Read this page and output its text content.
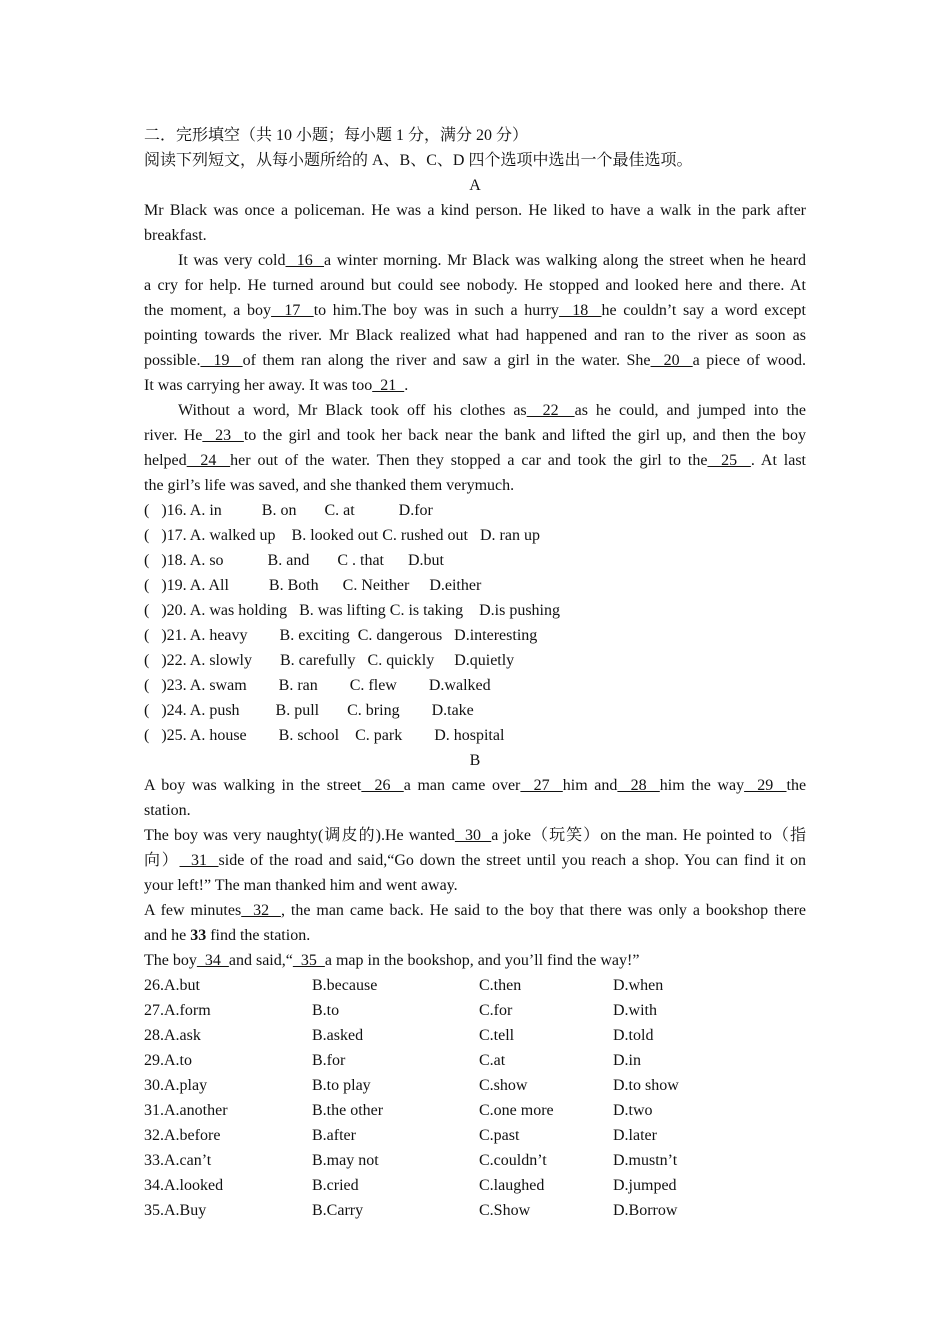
二．完形填空（共 10 小题；每小题 1 分，满分 20 分）
阅读下列短文，从每小题所给的 A、B、C、D 四个选项中选出一个最佳选项。
A
Mr Black was once a policeman. He was a kind person. He liked to have a walk in the park after
breakfast.
It was very cold  16  a winter morning. Mr Black was walking along the street when he heard
a cry for help. He turned around but could see nobody. He stopped and looked here and there. At
the moment, a boy  17  to him.The boy was in such a hurry  18  he couldn’t say a word except
pointing towards the river. Mr Black realized what had happened and ran to the river as soon as
possible.  19  of them ran along the river and saw a girl in the water. She  20  a piece of wood.
It was carrying her away. It was too  21  .
Without a word, Mr Black took off his clothes as  22  as he could, and jumped into the
river. He  23  to the girl and took her back near the bank and lifted the girl up, and then the boy
helped  24  her out of the water. Then they stopped a car and took the girl to the  25  . At last
the girl’s life was saved, and she thanked them verymuch.
(   )16. A. in          B. on       C. at           D.for
(   )17. A. walked up    B. looked out C. rushed out   D. ran up
(   )18. A. so           B. and       C . that      D.but
(   )19. A. All          B. Both      C. Neither     D.either
(   )20. A. was holding   B. was lifting C. is taking    D.is pushing
(   )21. A. heavy        B. exciting  C. dangerous   D.interesting
(   )22. A. slowly       B. carefully   C. quickly     D.quietly
(   )23. A. swam        B. ran        C. flew        D.walked
(   )24. A. push         B. pull       C. bring        D.take
(   )25. A. house        B. school    C. park        D. hospital
B
A boy was walking in the street  26  a man came over  27  him and  28  him the way  29  the
station.
The boy was very naughty(调皮的).He wanted  30  a joke（玩笑）on the man. He pointed to（指
向）  31  side of the road and said,“Go down the street until you reach a shop. You can find it on
your left!” The man thanked him and went away.
A few minutes  32  , the man came back. He said to the boy that there was only a bookshop there
and he 33 find the station.
The boy  34  and said,“  35  a map in the bookshop, and you’ll find the way!”
26.A.but	B.because	C.then	D.when
27.A.form	B.to	C.for	D.with
28.A.ask	B.asked	C.tell	D.told
29.A.to	B.for	C.at	D.in
30.A.play	B.to play	C.show	D.to show
31.A.another	B.the other	C.one more	D.two
32.A.before	B.after	C.past	D.later
33.A.can’t	B.may not	C.couldn’t	D.mustn’t
34.A.looked	B.cried	C.laughed	D.jumped
35.A.Buy	B.Carry	C.Show	D.Borrow
